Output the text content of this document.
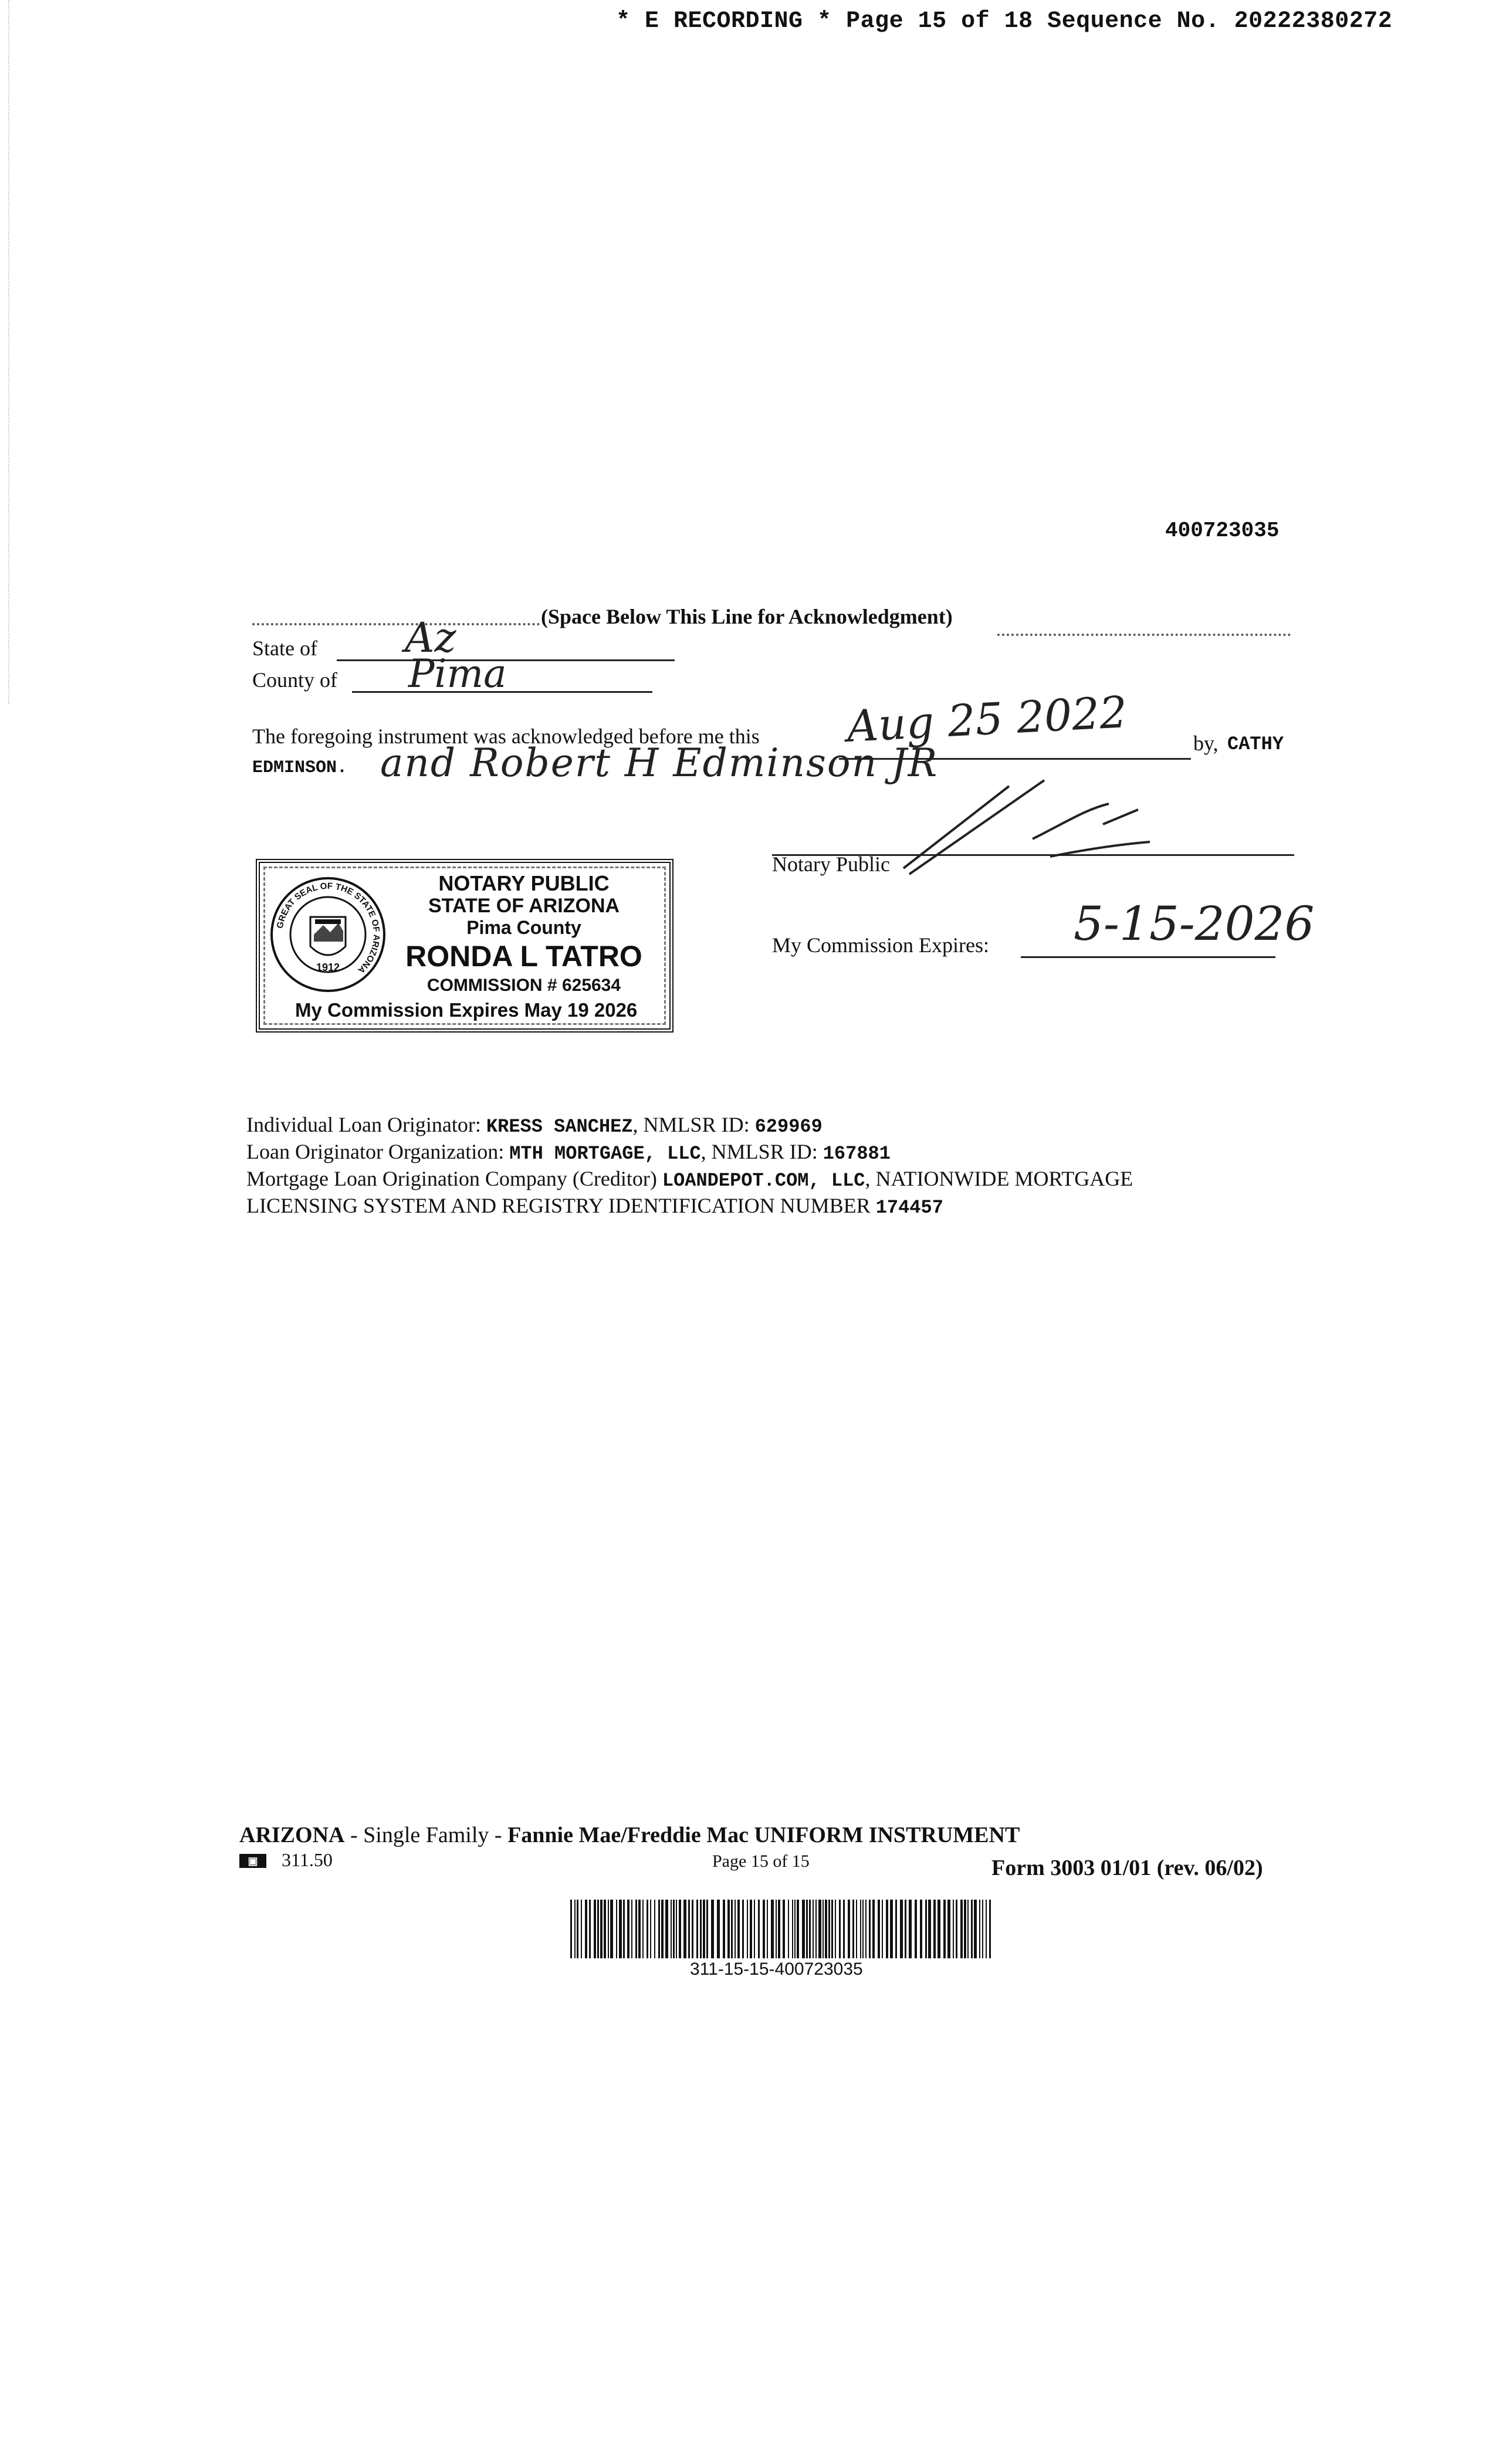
* E RECORDING * Page 15 of 18 Sequence No. 20222380272
400723035
(Space Below This Line for Acknowledgment)
State of Az
County of Pima
The foregoing instrument was acknowledged before me this Aug 25 2022	by, CATHY
EDMINSON. and Robert H Edminson JR
Notary Public
My Commission Expires: 5-15-2026
GREAT SEAL OF THE STATE OF ARIZONA
1912
NOTARY PUBLIC
STATE OF ARIZONA
Pima County
RONDA L TATRO
COMMISSION # 625634
My Commission Expires May 19 2026
Individual Loan Originator: KRESS SANCHEZ, NMLSR ID: 629969
Loan Originator Organization: MTH MORTGAGE, LLC, NMLSR ID: 167881
Mortgage Loan Origination Company (Creditor) LOANDEPOT.COM, LLC, NATIONWIDE MORTGAGE
LICENSING SYSTEM AND REGISTRY IDENTIFICATION NUMBER 174457
ARIZONA - Single Family - Fannie Mae/Freddie Mac UNIFORM INSTRUMENT
▣	311.50	Page 15 of 15	Form 3003 01/01 (rev. 06/02)
311-15-15-400723035
